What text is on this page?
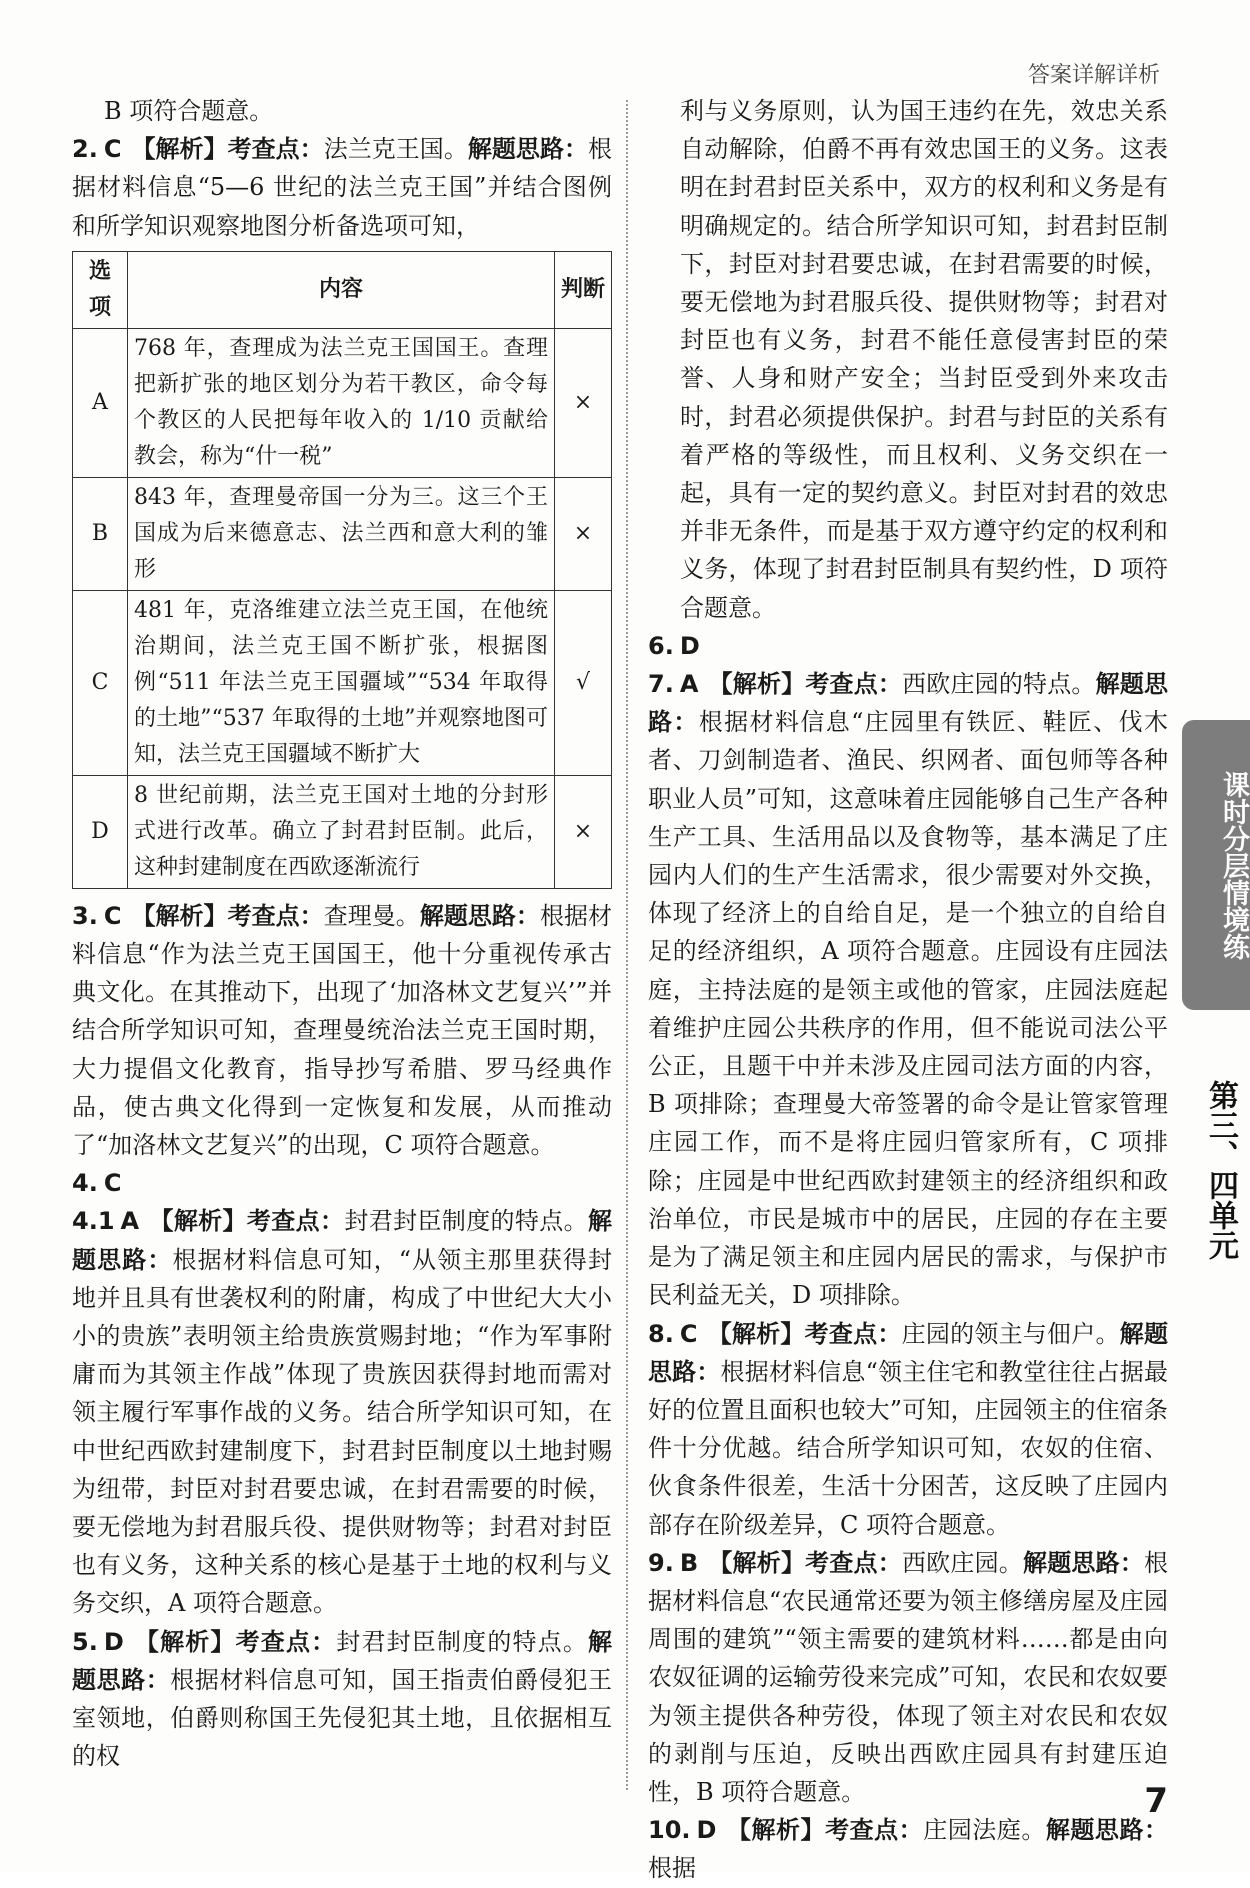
答案详解详析
B 项符合题意。
2. C 【解析】考查点：法兰克王国。解题思路：根据材料信息“5—6 世纪的法兰克王国”并结合图例和所学知识观察地图分析备选项可知，
选项	内容	判断
A	768 年，查理成为法兰克王国国王。查理把新扩张的地区划分为若干教区，命令每个教区的人民把每年收入的 1/10 贡献给教会，称为“什一税”	×
B	843 年，查理曼帝国一分为三。这三个王国成为后来德意志、法兰西和意大利的雏形	×
C	481 年，克洛维建立法兰克王国，在他统治期间，法兰克王国不断扩张，根据图例“511 年法兰克王国疆域”“534 年取得的土地”“537 年取得的土地”并观察地图可知，法兰克王国疆域不断扩大	√
D	8 世纪前期，法兰克王国对土地的分封形式进行改革。确立了封君封臣制。此后，这种封建制度在西欧逐渐流行	×
3. C 【解析】考查点：查理曼。解题思路：根据材料信息“作为法兰克王国国王，他十分重视传承古典文化。在其推动下，出现了‘加洛林文艺复兴’”并结合所学知识可知，查理曼统治法兰克王国时期，大力提倡文化教育，指导抄写希腊、罗马经典作品，使古典文化得到一定恢复和发展，从而推动了“加洛林文艺复兴”的出现，C 项符合题意。
4. C
4.1 A 【解析】考查点：封君封臣制度的特点。解题思路：根据材料信息可知，“从领主那里获得封地并且具有世袭权利的附庸，构成了中世纪大大小小的贵族”表明领主给贵族赏赐封地；“作为军事附庸而为其领主作战”体现了贵族因获得封地而需对领主履行军事作战的义务。结合所学知识可知，在中世纪西欧封建制度下，封君封臣制度以土地封赐为纽带，封臣对封君要忠诚，在封君需要的时候，要无偿地为封君服兵役、提供财物等；封君对封臣也有义务，这种关系的核心是基于土地的权利与义务交织，A 项符合题意。
5. D 【解析】考查点：封君封臣制度的特点。解题思路：根据材料信息可知，国王指责伯爵侵犯王室领地，伯爵则称国王先侵犯其土地，且依据相互的权
利与义务原则，认为国王违约在先，效忠关系自动解除，伯爵不再有效忠国王的义务。这表明在封君封臣关系中，双方的权利和义务是有明确规定的。结合所学知识可知，封君封臣制下，封臣对封君要忠诚，在封君需要的时候，要无偿地为封君服兵役、提供财物等；封君对封臣也有义务，封君不能任意侵害封臣的荣誉、人身和财产安全；当封臣受到外来攻击时，封君必须提供保护。封君与封臣的关系有着严格的等级性，而且权利、义务交织在一起，具有一定的契约意义。封臣对封君的效忠并非无条件，而是基于双方遵守约定的权利和义务，体现了封君封臣制具有契约性，D 项符合题意。
6. D
7. A 【解析】考查点：西欧庄园的特点。解题思路：根据材料信息“庄园里有铁匠、鞋匠、伐木者、刀剑制造者、渔民、织网者、面包师等各种职业人员”可知，这意味着庄园能够自己生产各种生产工具、生活用品以及食物等，基本满足了庄园内人们的生产生活需求，很少需要对外交换，体现了经济上的自给自足，是一个独立的自给自足的经济组织，A 项符合题意。庄园设有庄园法庭，主持法庭的是领主或他的管家，庄园法庭起着维护庄园公共秩序的作用，但不能说司法公平公正，且题干中并未涉及庄园司法方面的内容，B 项排除；查理曼大帝签署的命令是让管家管理庄园工作，而不是将庄园归管家所有，C 项排除；庄园是中世纪西欧封建领主的经济组织和政治单位，市民是城市中的居民，庄园的存在主要是为了满足领主和庄园内居民的需求，与保护市民利益无关，D 项排除。
8. C 【解析】考查点：庄园的领主与佃户。解题思路：根据材料信息“领主住宅和教堂往往占据最好的位置且面积也较大”可知，庄园领主的住宿条件十分优越。结合所学知识可知，农奴的住宿、伙食条件很差，生活十分困苦，这反映了庄园内部存在阶级差异，C 项符合题意。
9. B 【解析】考查点：西欧庄园。解题思路：根据材料信息“农民通常还要为领主修缮房屋及庄园周围的建筑”“领主需要的建筑材料……都是由向农奴征调的运输劳役来完成”可知，农民和农奴要为领主提供各种劳役，体现了领主对农民和农奴的剥削与压迫，反映出西欧庄园具有封建压迫性，B 项符合题意。
10. D 【解析】考查点：庄园法庭。解题思路：根据
课时分层情境练
第三、四单元
7
